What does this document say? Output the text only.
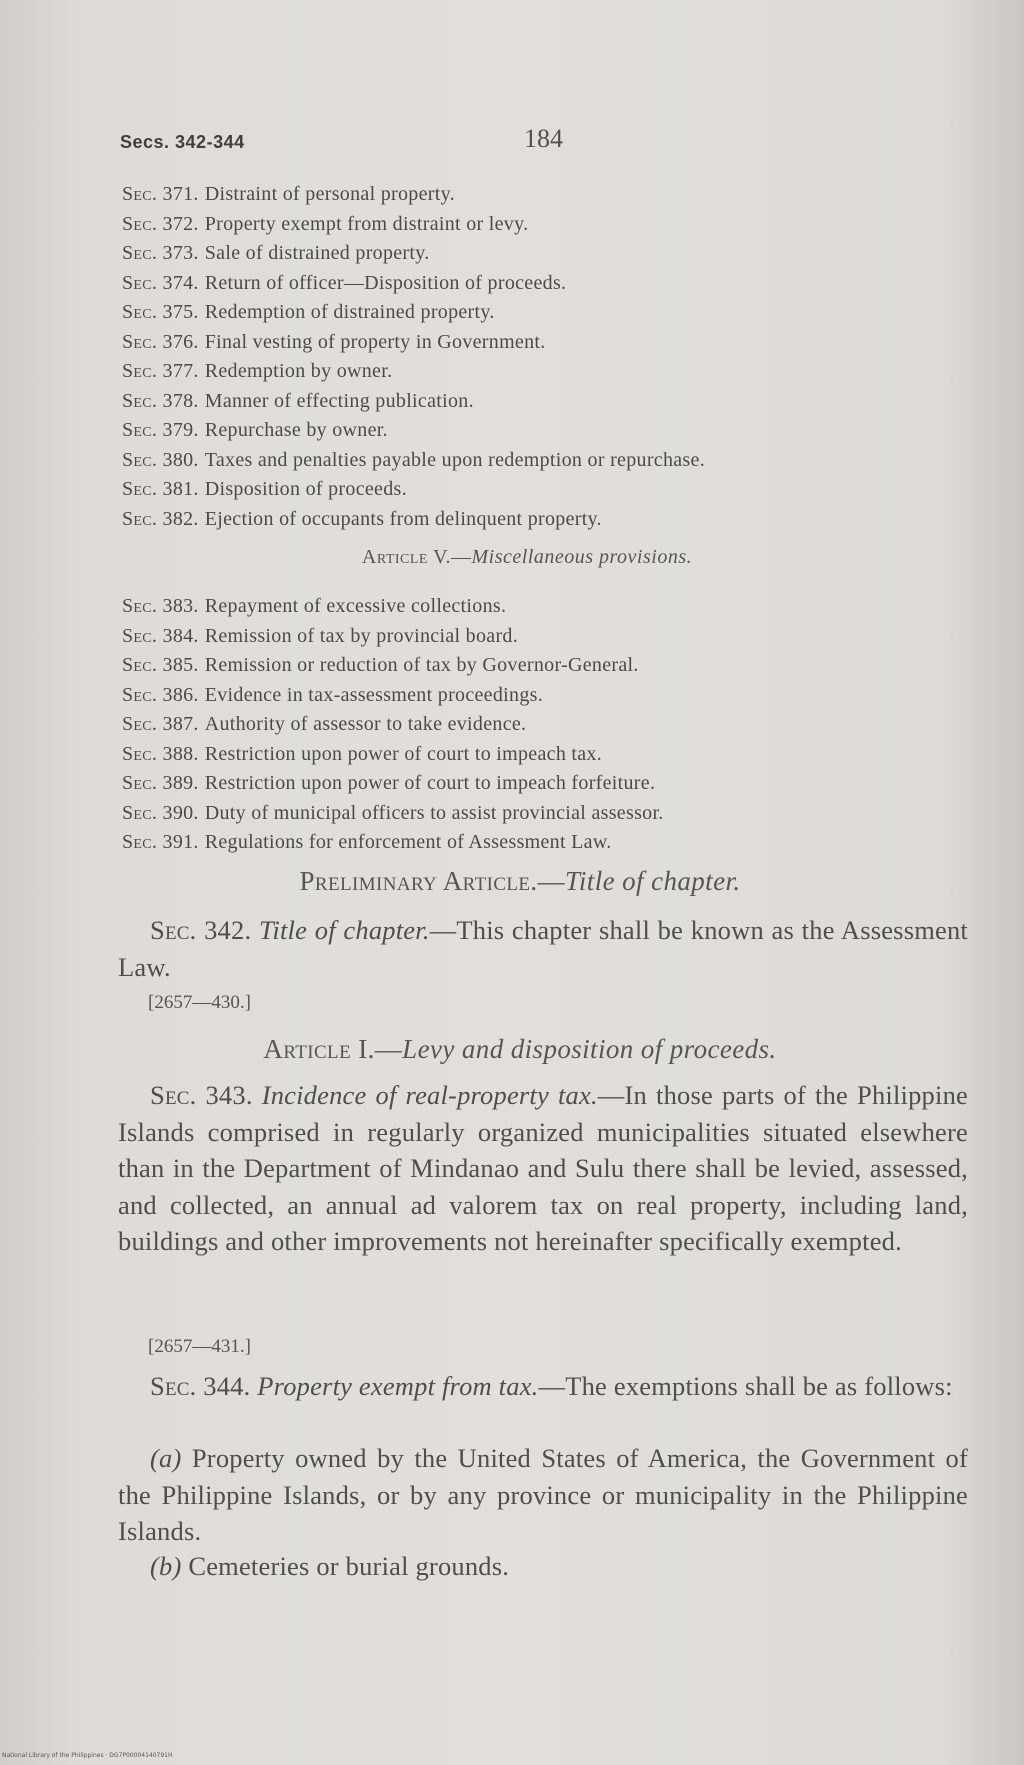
Secs. 342-344	184
Sec. 371. Distraint of personal property.
Sec. 372. Property exempt from distraint or levy.
Sec. 373. Sale of distrained property.
Sec. 374. Return of officer—Disposition of proceeds.
Sec. 375. Redemption of distrained property.
Sec. 376. Final vesting of property in Government.
Sec. 377. Redemption by owner.
Sec. 378. Manner of effecting publication.
Sec. 379. Repurchase by owner.
Sec. 380. Taxes and penalties payable upon redemption or repurchase.
Sec. 381. Disposition of proceeds.
Sec. 382. Ejection of occupants from delinquent property.
Article V.—Miscellaneous provisions.
Sec. 383. Repayment of excessive collections.
Sec. 384. Remission of tax by provincial board.
Sec. 385. Remission or reduction of tax by Governor-General.
Sec. 386. Evidence in tax-assessment proceedings.
Sec. 387. Authority of assessor to take evidence.
Sec. 388. Restriction upon power of court to impeach tax.
Sec. 389. Restriction upon power of court to impeach forfeiture.
Sec. 390. Duty of municipal officers to assist provincial assessor.
Sec. 391. Regulations for enforcement of Assessment Law.
Preliminary Article.—Title of chapter.
Sec. 342. Title of chapter.—This chapter shall be known as the Assessment Law.
[2657—430.]
Article I.—Levy and disposition of proceeds.
Sec. 343. Incidence of real-property tax.—In those parts of the Philippine Islands comprised in regularly organized municipalities situated elsewhere than in the Department of Mindanao and Sulu there shall be levied, assessed, and collected, an annual ad valorem tax on real property, including land, buildings and other improvements not hereinafter specifically exempted.
[2657—431.]
Sec. 344. Property exempt from tax.—The exemptions shall be as follows:
(a) Property owned by the United States of America, the Government of the Philippine Islands, or by any province or municipality in the Philippine Islands.
(b) Cemeteries or burial grounds.
National Library of the Philippines · DG7P00004140791H
